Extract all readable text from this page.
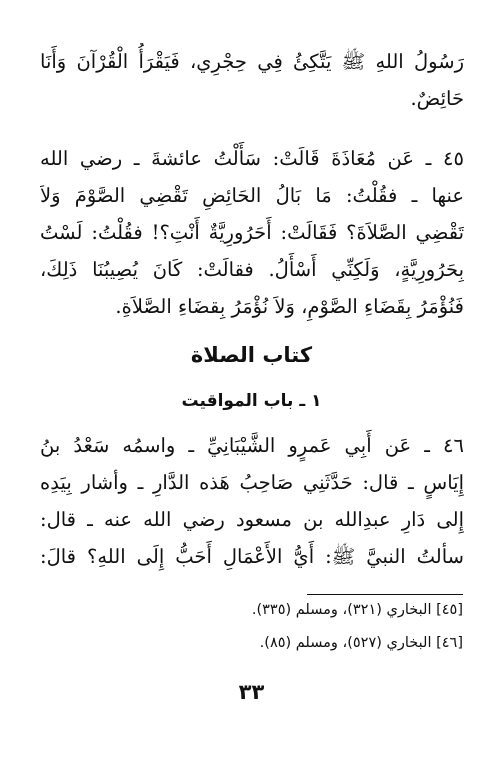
رَسُولُ اللهِ ﷺ يَتَّكِئُ فِي حِجْرِي، فَيَقْرَأُ الْقُرْآنَ وَأَنَا
حَائِضٌ.
٤٥ ـ عَن مُعَاذَةَ قَالَتْ: سَأَلْتُ عائشةَ ـ رضي الله
عنها ـ فقُلْتُ: مَا بَالُ الحَائِضِ تَقْضِي الصَّوْمَ وَلاَ
تَقْضِي الصَّلاَةَ؟ فَقَالَتْ: أَحَرُورِيَّةٌ أَنْتِ؟! فقُلْتُ: لَسْتُ
بِحَرُورِيَّةٍ، وَلَكِنِّي أَسْأَلُ. فقالَتْ: كَانَ يُصِيبُنَا ذَلِكَ،
فَنُؤْمَرُ بِقَضَاءِ الصَّوْمِ، وَلاَ نُؤْمَرُ بِقضَاءِ الصَّلاَةِ.
كتاب الصلاة
١ ـ باب المواقيت
٤٦ ـ عَن أَبِي عَمرٍو الشَّيْبَانِيِّ ـ واسمُه سَعْدُ بنُ
إِيَاسٍ ـ قال: حَدَّثَنِي صَاحِبُ هَذه الدَّارِ ـ وأشار بِيَدِه
إِلى دَارِ عبدِالله بن مسعود رضي الله عنه ـ قال:
سألتُ النبيَّ ﷺ: أَيُّ الأَعْمَالِ أَحَبُّ إِلَى اللهِ؟ قالَ:
[٤٥] البخاري (٣٢١)، ومسلم (٣٣٥).
[٤٦] البخاري (٥٢٧)، ومسلم (٨٥).
٣٣
